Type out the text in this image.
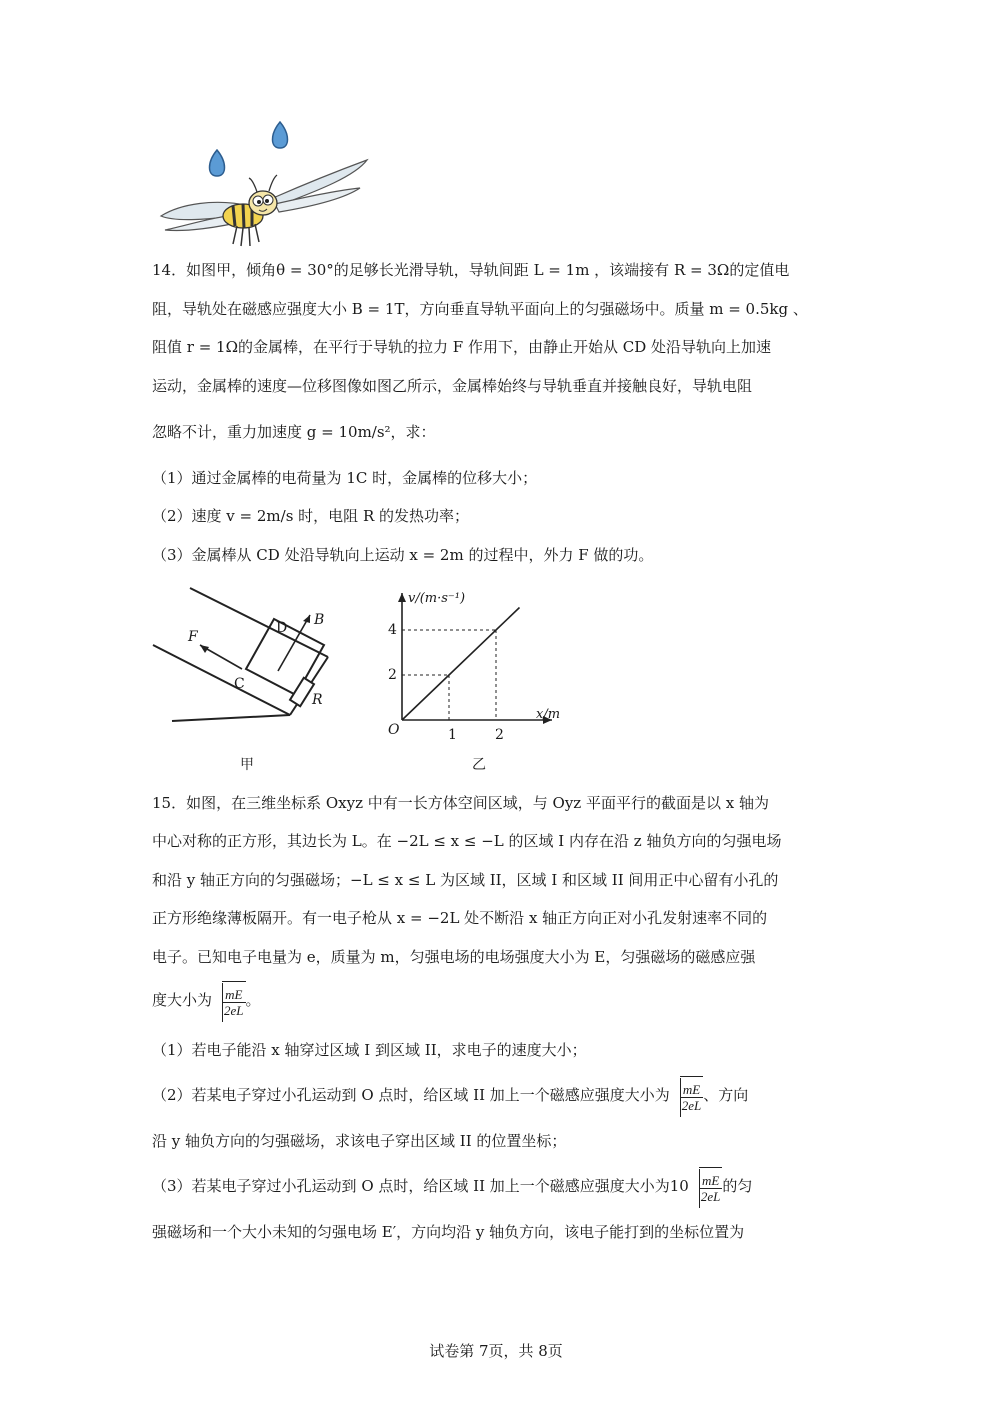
14．如图甲，倾角θ = 30°的足够长光滑导轨，导轨间距 L = 1m ，该端接有 R = 3Ω的定值电
阻，导轨处在磁感应强度大小 B = 1T，方向垂直导轨平面向上的匀强磁场中。质量 m = 0.5kg 、
阻值 r = 1Ω的金属棒，在平行于导轨的拉力 F 作用下，由静止开始从 CD 处沿导轨向上加速
运动，金属棒的速度—位移图像如图乙所示，金属棒始终与导轨垂直并接触良好，导轨电阻
忽略不计，重力加速度 g = 10m/s²，求：
（1）通过金属棒的电荷量为 1C 时，金属棒的位移大小；
（2）速度 v = 2m/s 时，电阻 R 的发热功率；
（3）金属棒从 CD 处沿导轨向上运动 x = 2m 的过程中，外力 F 做的功。
F
D B
C
R
甲
v/(m·s⁻¹)
x/m
O
4
2
1	2
乙
15．如图，在三维坐标系 Oxyz 中有一长方体空间区域，与 Oyz 平面平行的截面是以 x 轴为
中心对称的正方形，其边长为 L。在 −2L ≤ x ≤ −L 的区域 I 内存在沿 z 轴负方向的匀强电场
和沿 y 轴正方向的匀强磁场；−L ≤ x ≤ L 为区域 II，区域 I 和区域 II 间用正中心留有小孔的
正方形绝缘薄板隔开。有一电子枪从 x = −2L 处不断沿 x 轴正方向正对小孔发射速率不同的
电子。已知电子电量为 e，质量为 m，匀强电场的电场强度大小为 E，匀强磁场的磁感应强
度大小为 $\frac{mE}{2eL}$ 。
（1）若电子能沿 x 轴穿过区域 I 到区域 II，求电子的速度大小；
（2）若某电子穿过小孔运动到 O 点时，给区域 II 加上一个磁感应强度大小为 $\frac{mE}{2eL}$ 、方向
沿 y 轴负方向的匀强磁场，求该电子穿出区域 II 的位置坐标；
（3）若某电子穿过小孔运动到 O 点时，给区域 II 加上一个磁感应强度大小为$10 \frac{mE}{2eL}$ 的匀
强磁场和一个大小未知的匀强电场 E′，方向均沿 y 轴负方向，该电子能打到的坐标位置为
试卷第 7页，共 8页
